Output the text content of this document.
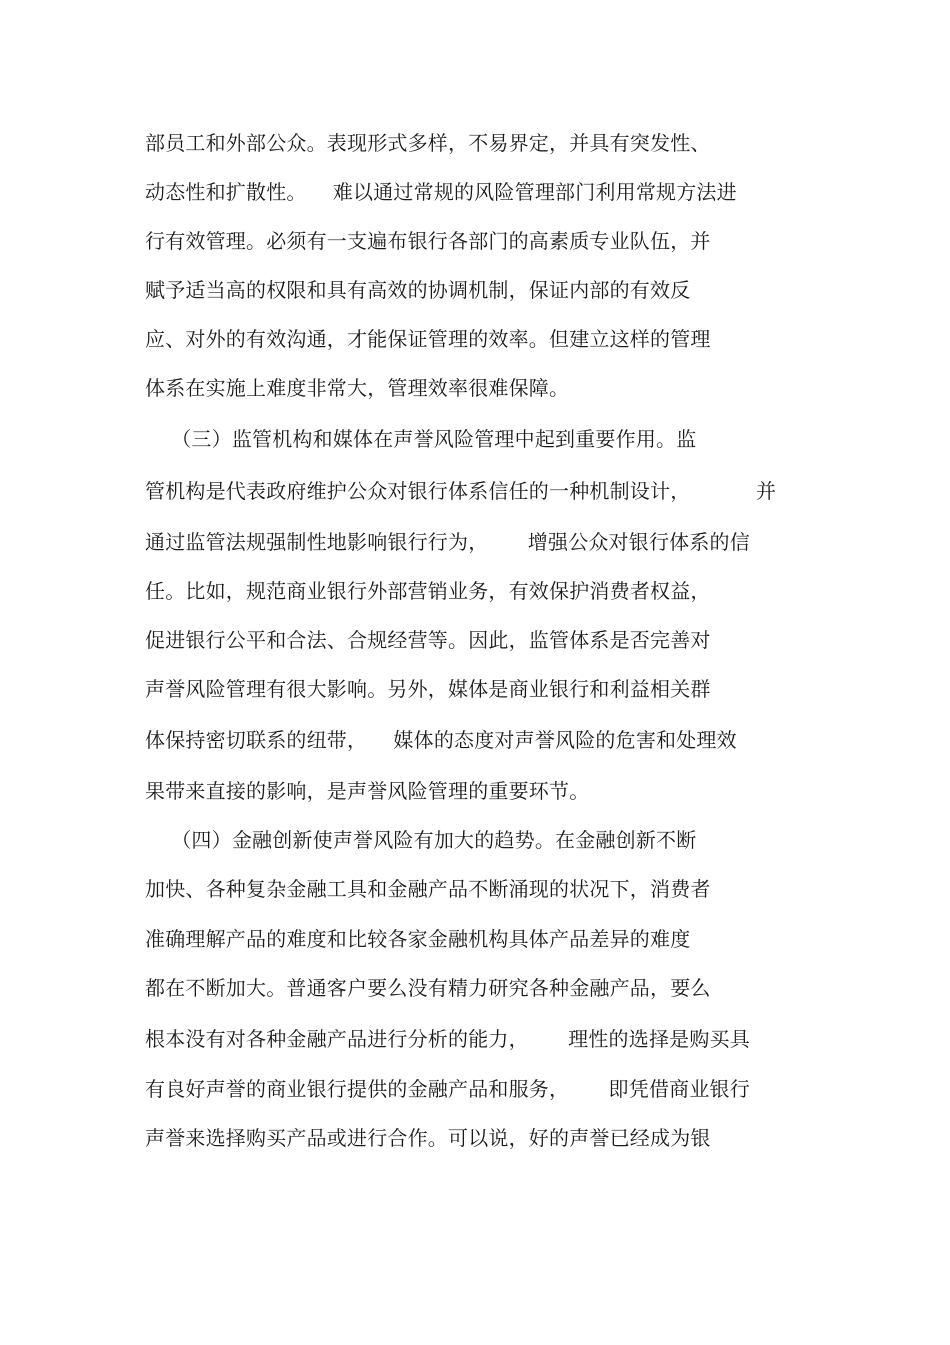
部员工和外部公众。表现形式多样，不易界定，并具有突发性、
动态性和扩散性。    难以通过常规的风险管理部门利用常规方法进
行有效管理。必须有一支遍布银行各部门的高素质专业队伍，并
赋予适当高的权限和具有高效的协调机制，保证内部的有效反
应、对外的有效沟通，才能保证管理的效率。但建立这样的管理
体系在实施上难度非常大，管理效率很难保障。
（三）监管机构和媒体在声誉风险管理中起到重要作用。监
管机构是代表政府维护公众对银行体系信任的一种机制设计，          并
通过监管法规强制性地影响银行行为，      增强公众对银行体系的信
任。比如，规范商业银行外部营销业务，有效保护消费者权益，
促进银行公平和合法、合规经营等。因此，监管体系是否完善对
声誉风险管理有很大影响。另外，媒体是商业银行和利益相关群
体保持密切联系的纽带，    媒体的态度对声誉风险的危害和处理效
果带来直接的影响，是声誉风险管理的重要环节。
（四）金融创新使声誉风险有加大的趋势。在金融创新不断
加快、各种复杂金融工具和金融产品不断涌现的状况下，消费者
准确理解产品的难度和比较各家金融机构具体产品差异的难度
都在不断加大。普通客户要么没有精力研究各种金融产品，要么
根本没有对各种金融产品进行分析的能力，      理性的选择是购买具
有良好声誉的商业银行提供的金融产品和服务，      即凭借商业银行
声誉来选择购买产品或进行合作。可以说，好的声誉已经成为银
